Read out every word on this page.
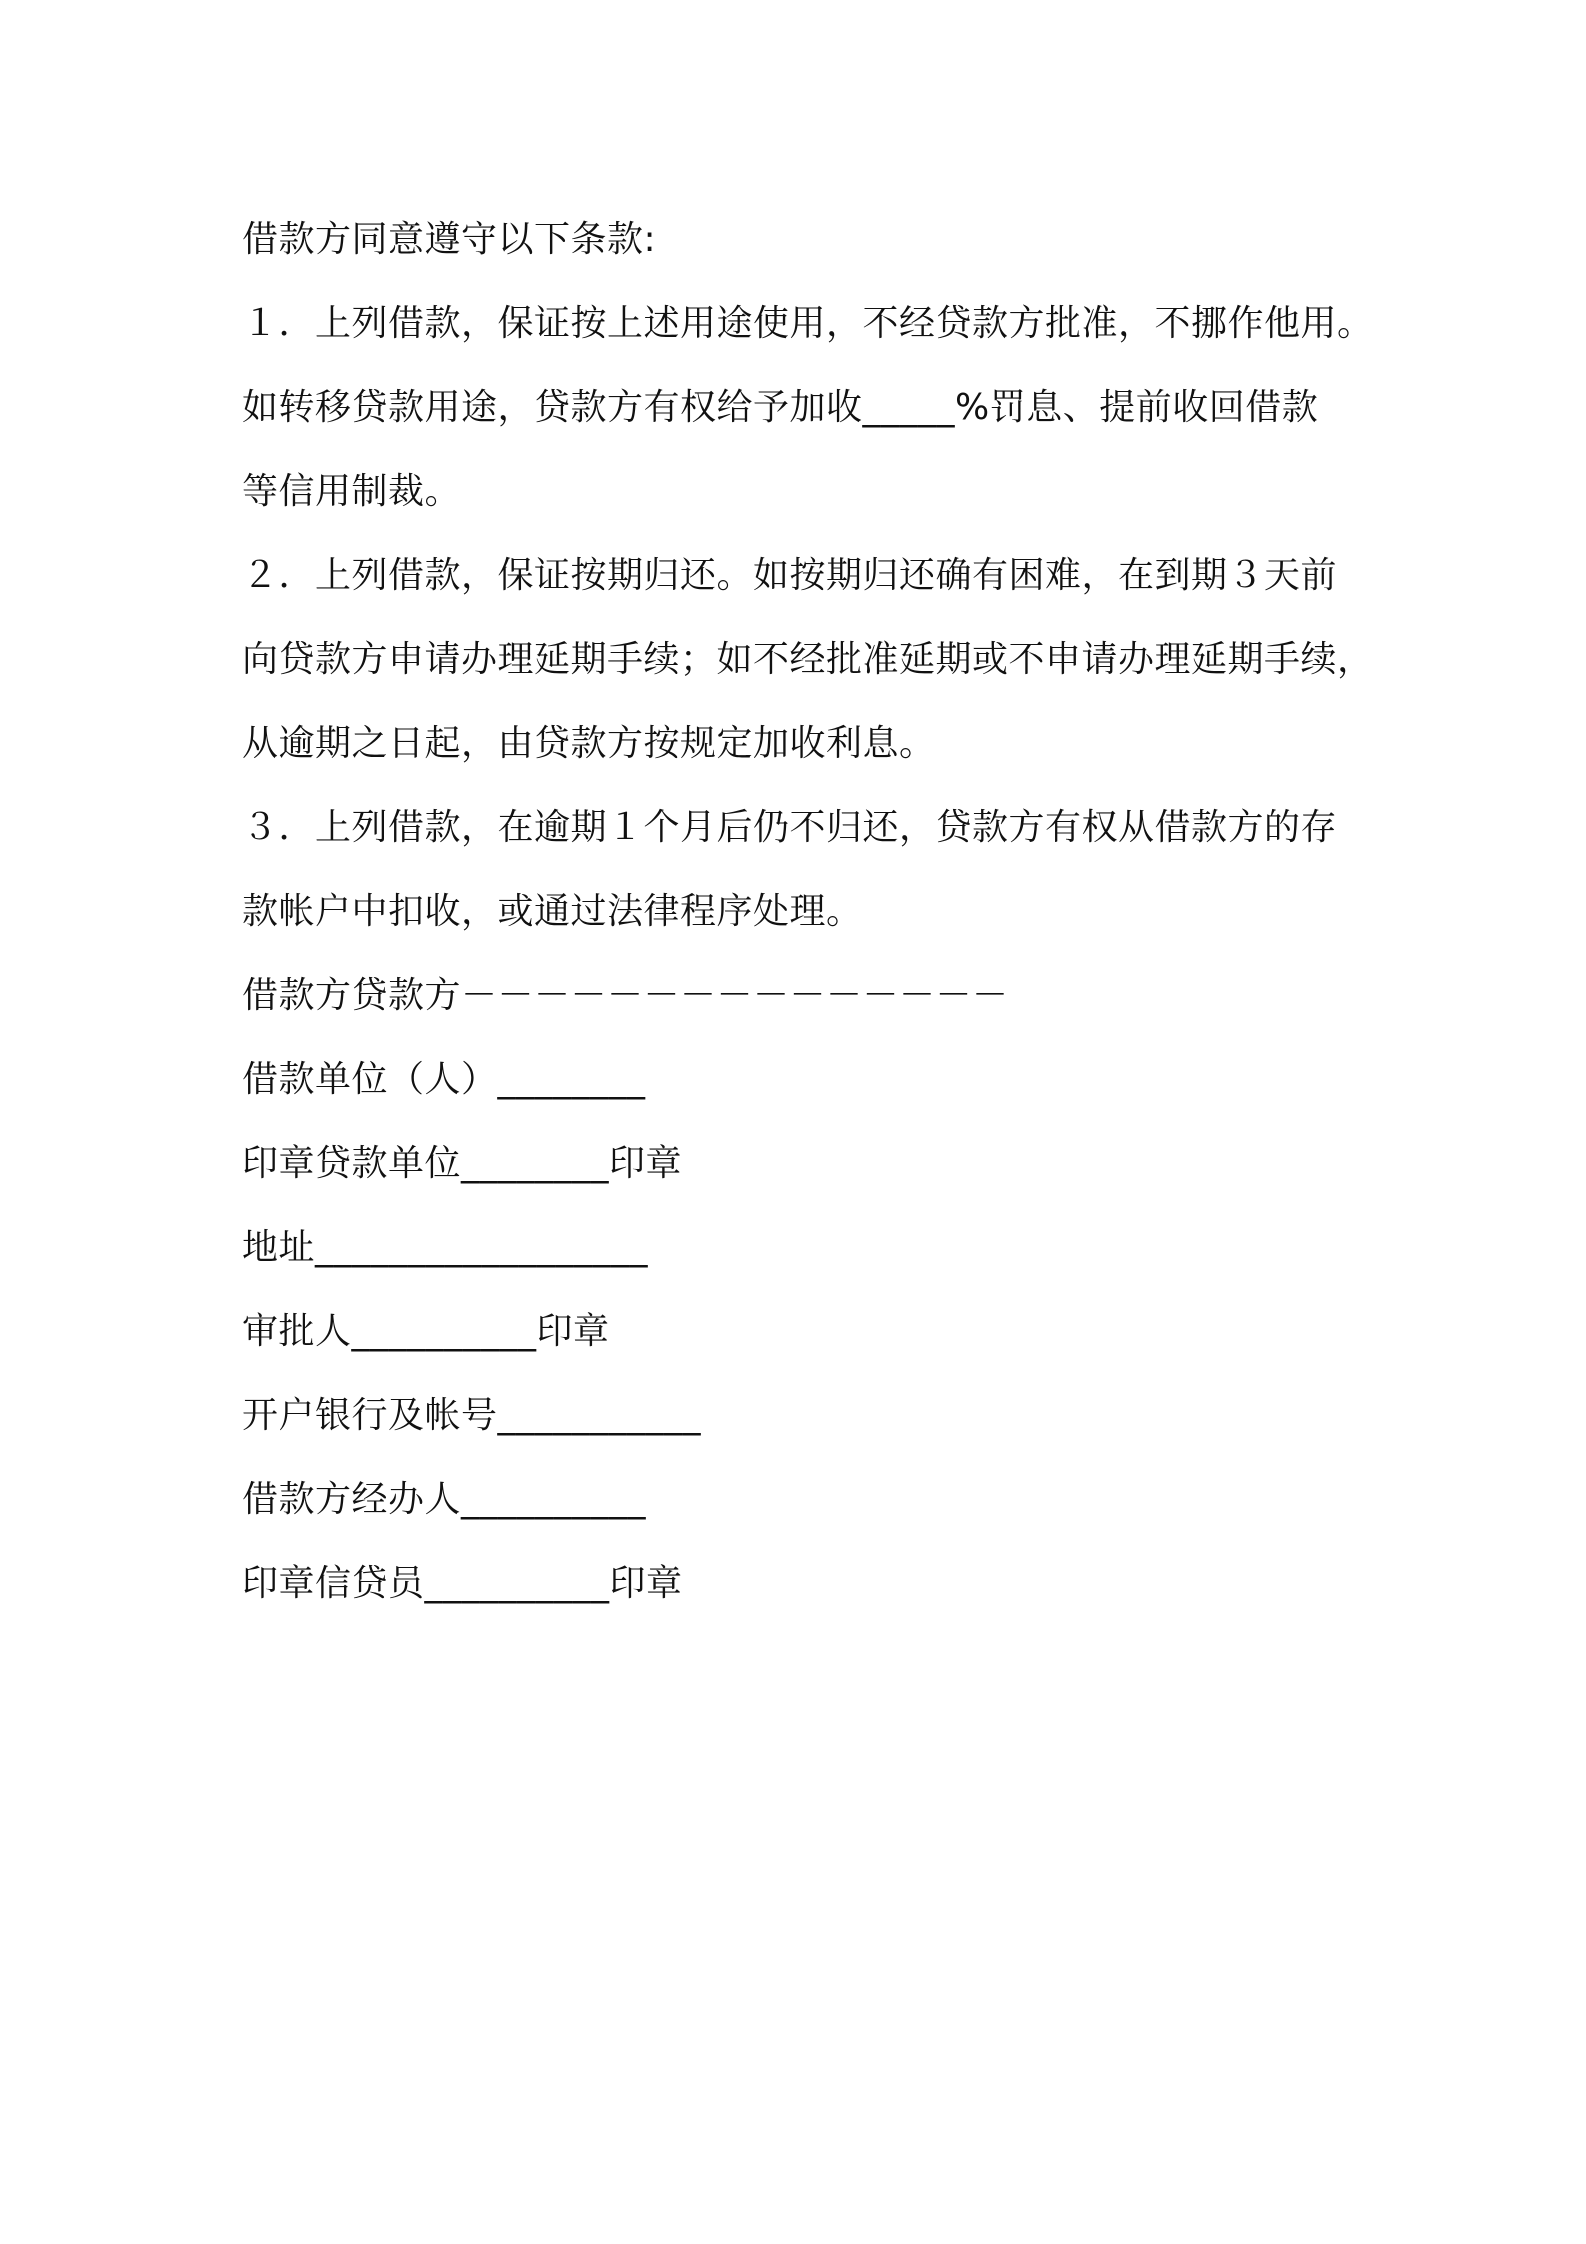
借款方同意遵守以下条款:
１．上列借款，保证按上述用途使用，不经贷款方批准，不挪作他用。
如转移贷款用途，贷款方有权给予加收_____%罚息、提前收回借款
等信用制裁。
２．上列借款，保证按期归还。如按期归还确有困难，在到期３天前
向贷款方申请办理延期手续；如不经批准延期或不申请办理延期手续，
从逾期之日起，由贷款方按规定加收利息。
３．上列借款，在逾期１个月后仍不归还，贷款方有权从借款方的存
款帐户中扣收，或通过法律程序处理。
借款方贷款方－－－－－－－－－－－－－－－
借款单位（人）________
印章贷款单位________印章
地址__________________
审批人__________印章
开户银行及帐号___________
借款方经办人__________
印章信贷员__________印章
